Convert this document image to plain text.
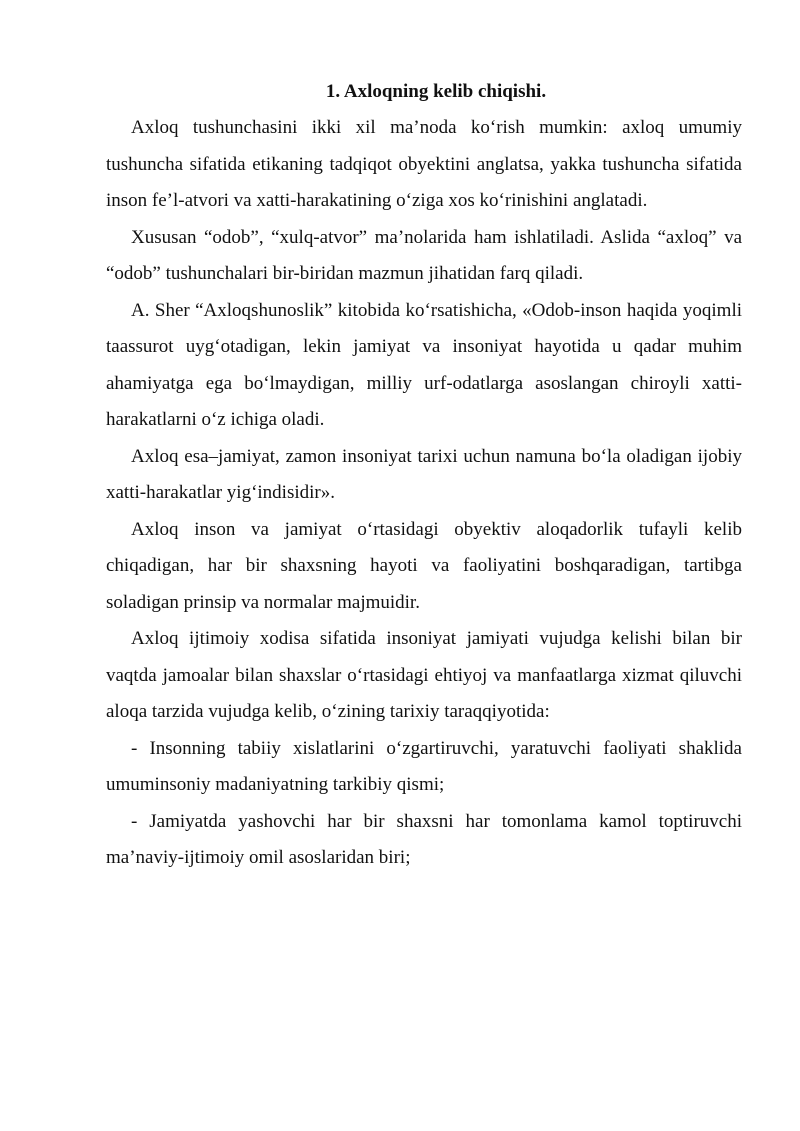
1. Axloqning kelib chiqishi.

Axloq tushunchasini ikki xil ma’noda ko‘rish mumkin: axloq umumiy tushuncha sifatida etikaning tadqiqot obyektini anglatsa, yakka tushuncha sifatida inson fe’l-atvori va xatti-harakatining o‘ziga xos ko‘rinishini anglatadi.

Xususan “odob”, “xulq-atvor” ma’nolarida ham ishlatiladi. Aslida “axloq” va “odob” tushunchalari bir-biridan mazmun jihatidan farq qiladi.

A. Sher “Axloqshunoslik” kitobida ko‘rsatishicha, «Odob-inson haqida yoqimli taassurot uyg‘otadigan, lekin jamiyat va insoniyat hayotida u qadar muhim ahamiyatga ega bo‘lmaydigan, milliy urf-odatlarga asoslangan chiroyli xatti-harakatlarni o‘z ichiga oladi.

Axloq esa–jamiyat, zamon insoniyat tarixi uchun namuna bo‘la oladigan ijobiy xatti-harakatlar yig‘indisidir».

Axloq inson va jamiyat o‘rtasidagi obyektiv aloqadorlik tufayli kelib chiqadigan, har bir shaxsning hayoti va faoliyatini boshqaradigan, tartibga soladigan prinsip va normalar majmuidir.

Axloq ijtimoiy xodisa sifatida insoniyat jamiyati vujudga kelishi bilan bir vaqtda jamoalar bilan shaxslar o‘rtasidagi ehtiyoj va manfaatlarga xizmat qiluvchi aloqa tarzida vujudga kelib, o‘zining tarixiy taraqqiyotida:

- Insonning tabiiy xislatlarini o‘zgartiruvchi, yaratuvchi faoliyati shaklida umuminsoniy madaniyatning tarkibiy qismi;

- Jamiyatda yashovchi har bir shaxsni har tomonlama kamol toptiruvchi ma’naviy-ijtimoiy omil asoslaridan biri;
